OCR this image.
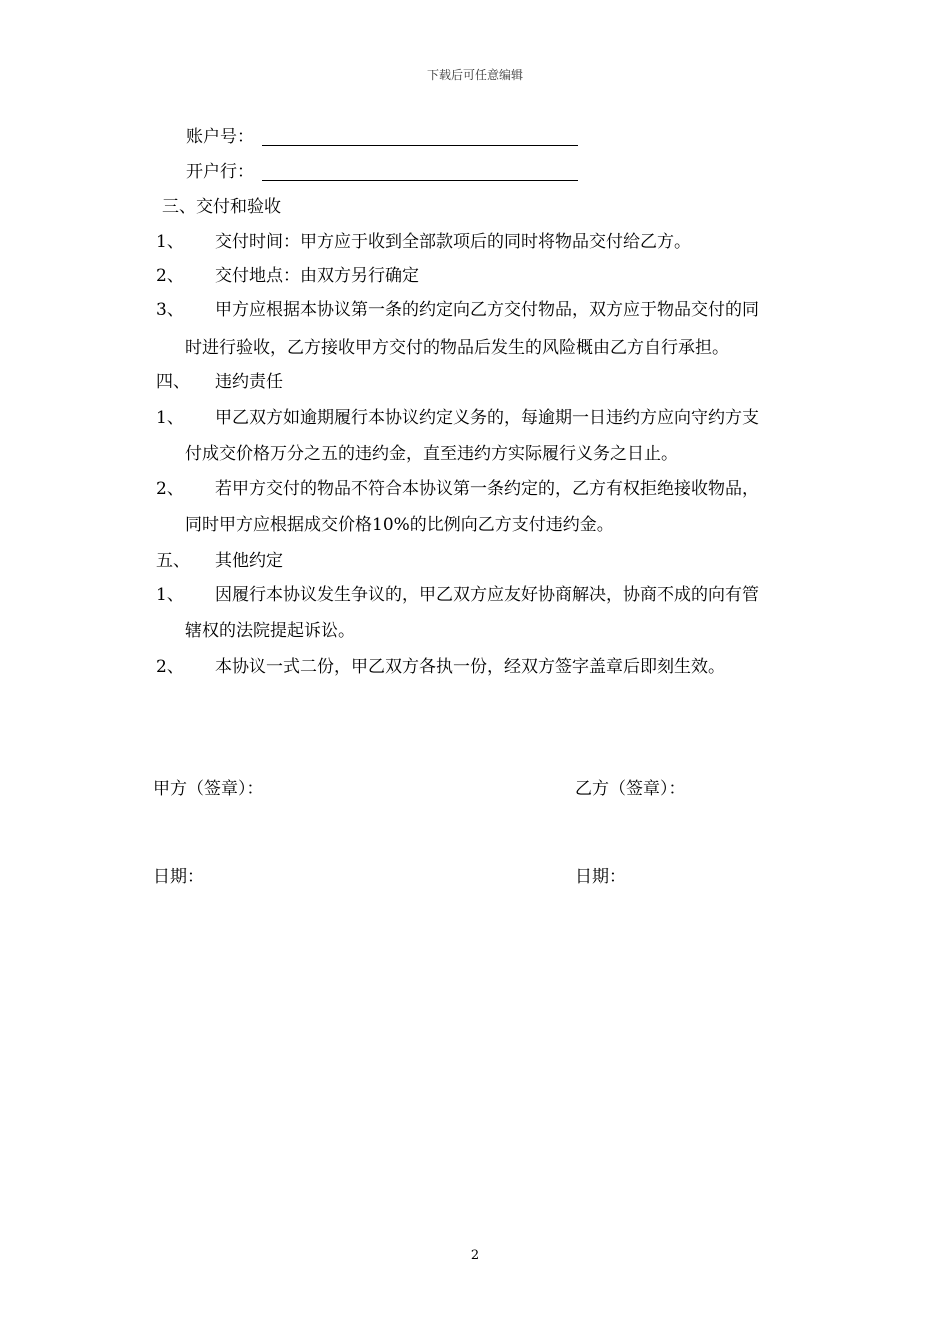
下载后可任意编辑
账户号：
开户行：
三、交付和验收
1、 交付时间：甲方应于收到全部款项后的同时将物品交付给乙方。
2、 交付地点：由双方另行确定
3、 甲方应根据本协议第一条的约定向乙方交付物品，双方应于物品交付的同
时进行验收，乙方接收甲方交付的物品后发生的风险概由乙方自行承担。
四、 违约责任
1、 甲乙双方如逾期履行本协议约定义务的，每逾期一日违约方应向守约方支
付成交价格万分之五的违约金，直至违约方实际履行义务之日止。
2、 若甲方交付的物品不符合本协议第一条约定的，乙方有权拒绝接收物品，
同时甲方应根据成交价格10%的比例向乙方支付违约金。
五、 其他约定
1、 因履行本协议发生争议的，甲乙双方应友好协商解决，协商不成的向有管
辖权的法院提起诉讼。
2、 本协议一式二份，甲乙双方各执一份，经双方签字盖章后即刻生效。
甲方（签章）：	乙方（签章）：
日期：	日期：
2
